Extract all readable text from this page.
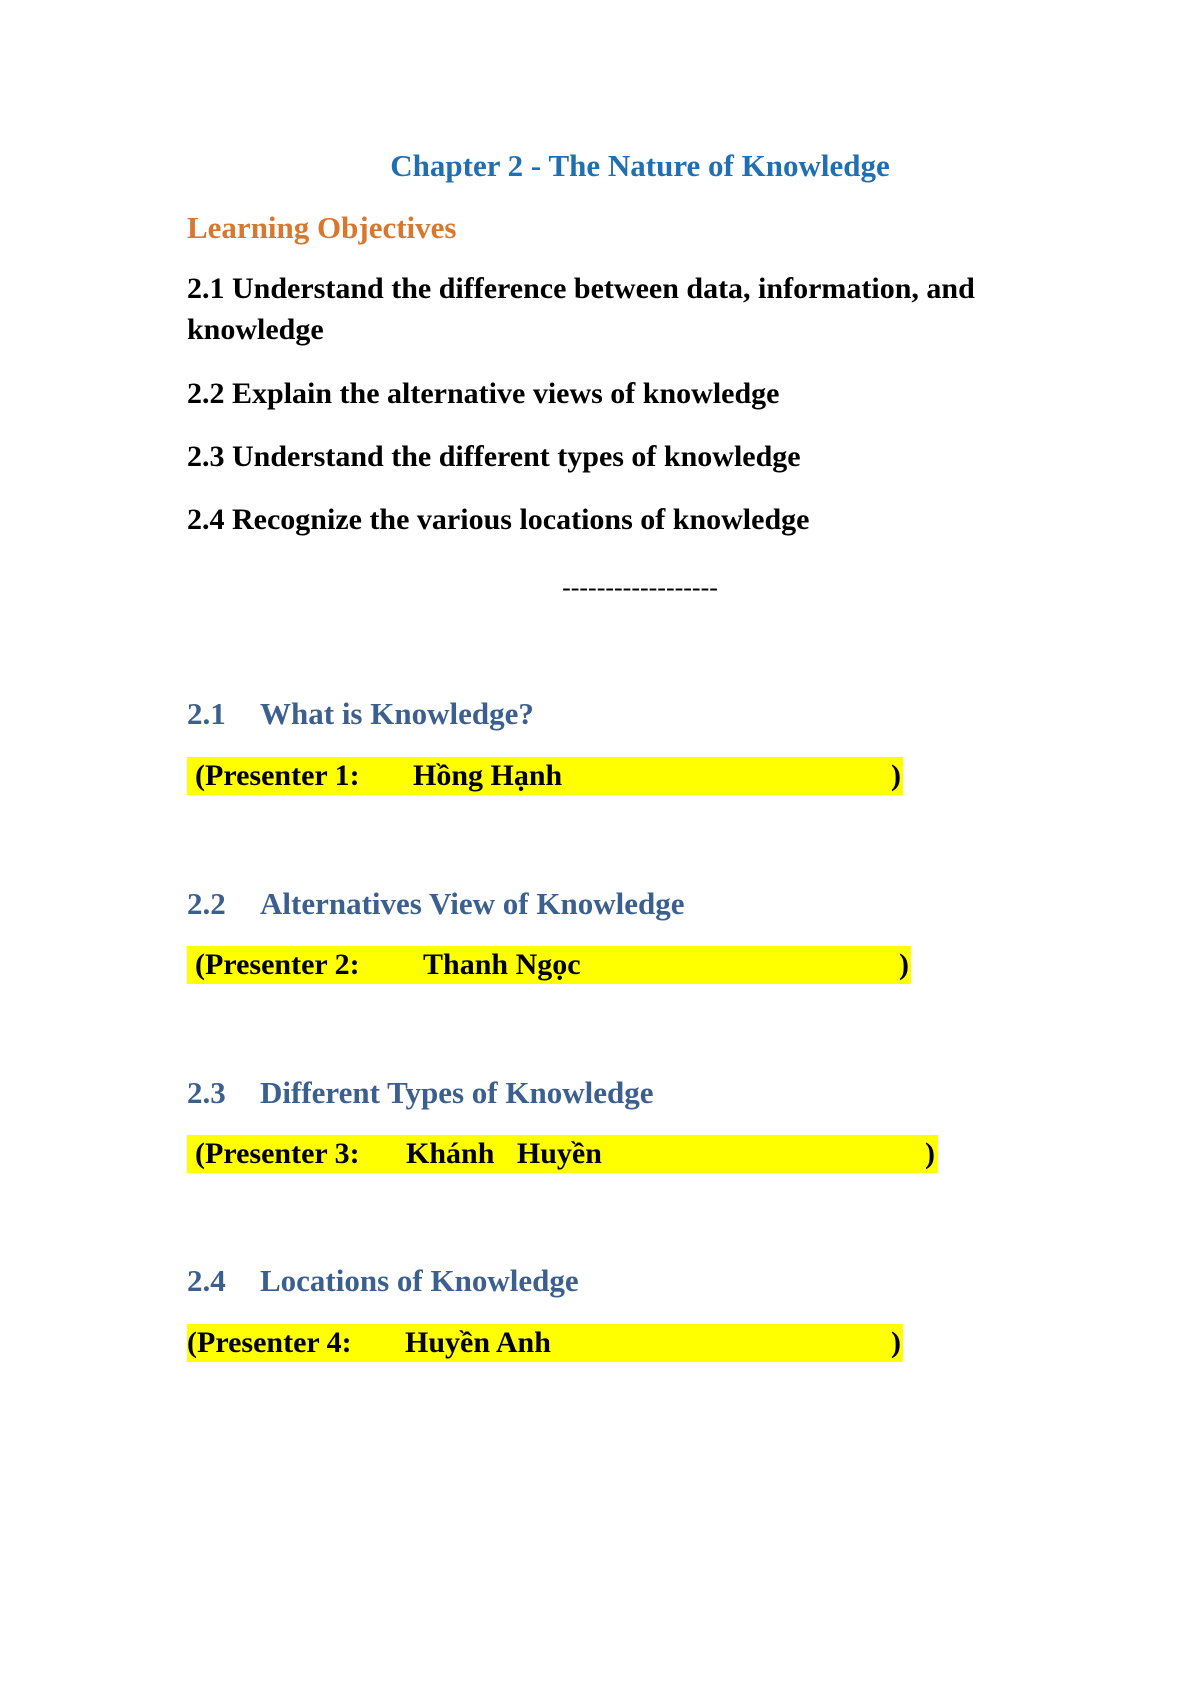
Chapter 2 - The Nature of Knowledge
Learning Objectives
2.1 Understand the difference between data, information, and
knowledge
2.2 Explain the alternative views of knowledge
2.3 Understand the different types of knowledge
2.4 Recognize the various locations of knowledge
------------------
2.1 What is Knowledge?
(Presenter 1: Hồng Hạnh	)
2.2 Alternatives View of Knowledge
(Presenter 2: Thanh Ngọc	)
2.3 Different Types of Knowledge
(Presenter 3: Khánh   Huyền	)
2.4 Locations of Knowledge
(Presenter 4: Huyền Anh	)
